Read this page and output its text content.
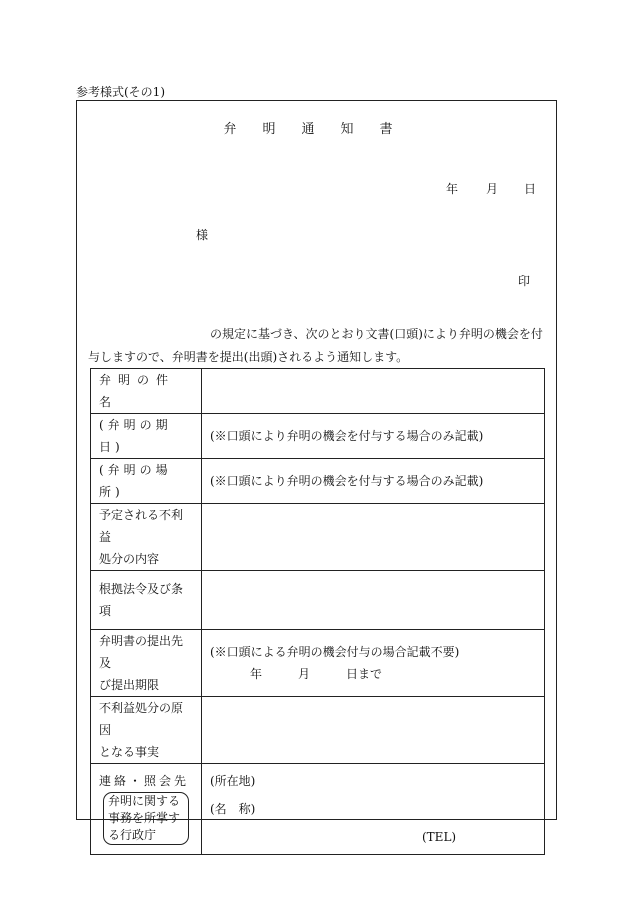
参考様式(その1)
弁明通知書
年 月 日
様
印
の規定に基づき、次のとおり文書(口頭)により弁明の機会を付
与しますので、弁明書を提出(出頭)されるよう通知します。
弁明の件名	
(弁明の期日)	(※口頭により弁明の機会を付与する場合のみ記載)
(弁明の場所)	(※口頭により弁明の機会を付与する場合のみ記載)

予定される不利益
処分の内容	

根拠法令及び条項	

弁明書の提出先及
び提出期限	(※口頭による弁明の機会付与の場合記載不要)
年 月 日まで

不利益処分の原因
となる事実	

連絡・照会先
弁明に関する
事務を所掌す
る行政庁	(所在地)
(名　称)
(TEL)
